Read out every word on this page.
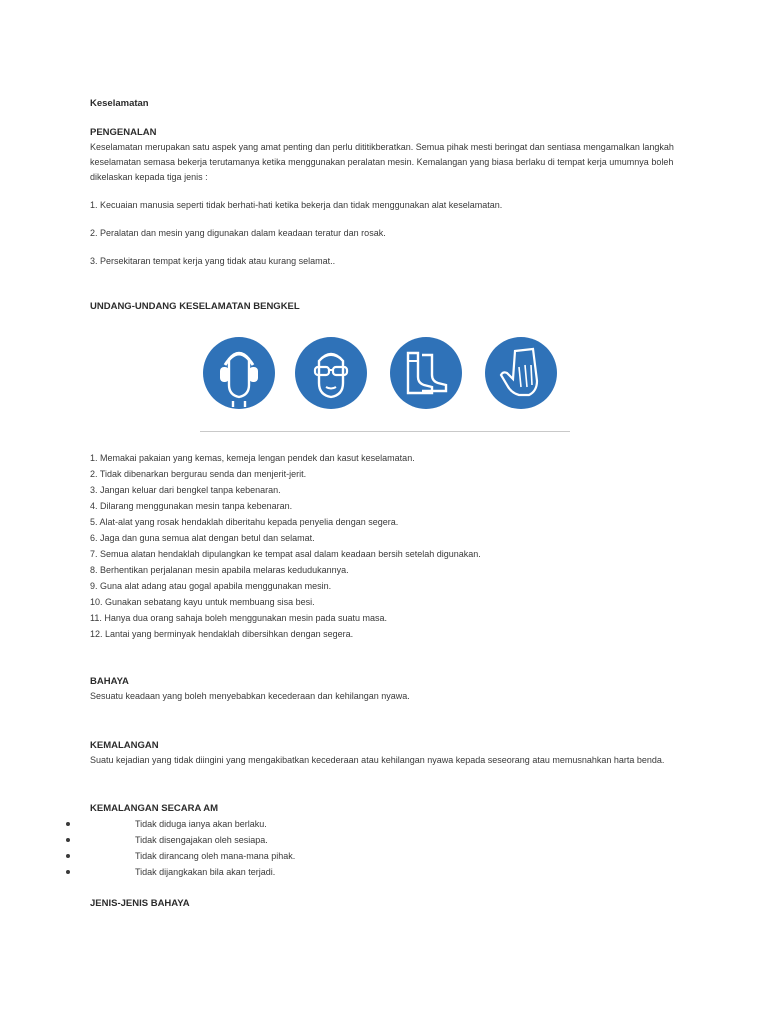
Keselamatan
PENGENALAN

Keselamatan merupakan satu aspek yang amat penting dan perlu dititikberatkan. Semua pihak mesti beringat dan sentiasa mengamalkan langkah keselamatan semasa bekerja terutamanya ketika menggunakan peralatan mesin. Kemalangan yang biasa berlaku di tempat kerja umumnya boleh dikelaskan kepada tiga jenis :

1. Kecuaian manusia seperti tidak berhati-hati ketika bekerja dan tidak menggunakan alat keselamatan.

2. Peralatan dan mesin yang digunakan dalam keadaan teratur dan rosak.

3. Persekitaran tempat kerja yang tidak atau kurang selamat..

UNDANG-UNDANG KESELAMATAN BENGKEL
1. Memakai pakaian yang kemas, kemeja lengan pendek dan kasut keselamatan.
2. Tidak dibenarkan bergurau senda dan menjerit-jerit.
3. Jangan keluar dari bengkel tanpa kebenaran.
4. Dilarang menggunakan mesin tanpa kebenaran.
5. Alat-alat yang rosak hendaklah diberitahu kepada penyelia dengan segera.
6. Jaga dan guna semua alat dengan betul dan selamat.
7. Semua alatan hendaklah dipulangkan ke tempat asal dalam keadaan bersih setelah digunakan.
8. Berhentikan perjalanan mesin apabila melaras kedudukannya.
9. Guna alat adang atau gogal apabila menggunakan mesin.
10. Gunakan sebatang kayu untuk membuang sisa besi.
11. Hanya dua orang sahaja boleh menggunakan mesin pada suatu masa.
12. Lantai yang berminyak hendaklah dibersihkan dengan segera.
BAHAYA

Sesuatu keadaan yang boleh menyebabkan kecederaan dan kehilangan nyawa.

KEMALANGAN

Suatu kejadian yang tidak diingini yang mengakibatkan kecederaan atau kehilangan nyawa kepada seseorang atau memusnahkan harta benda.

KEMALANGAN SECARA AM
Tidak diduga ianya akan berlaku.
Tidak disengajakan oleh sesiapa.
Tidak dirancang oleh mana-mana pihak.
Tidak dijangkakan bila akan terjadi.
JENIS-JENIS BAHAYA
